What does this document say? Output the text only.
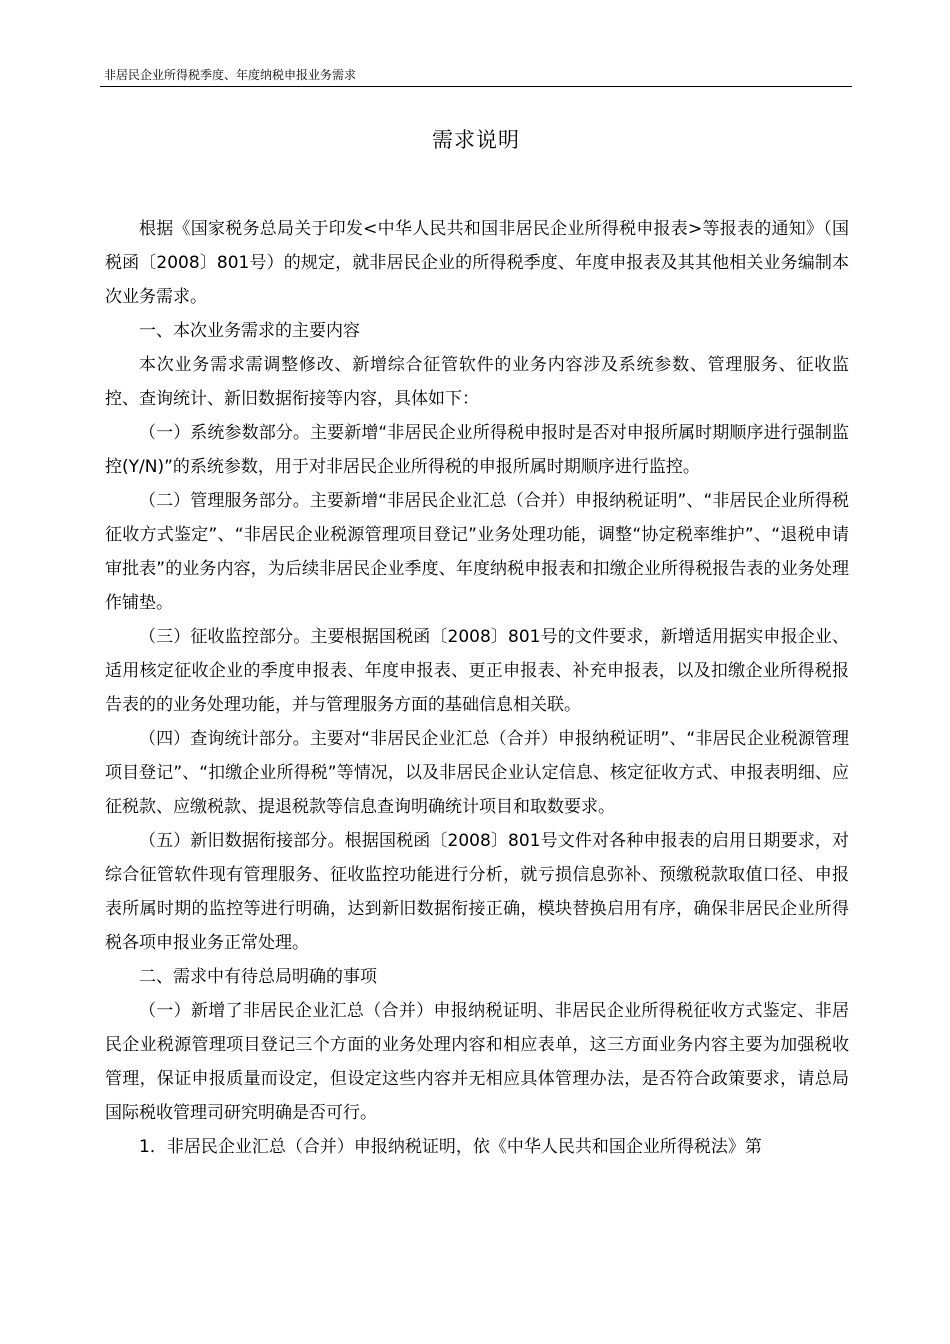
非居民企业所得税季度、年度纳税申报业务需求
需求说明

根据《国家税务总局关于印发<中华人民共和国非居民企业所得税申报表>等报表的通知》（国税函〔2008〕801号）的规定，就非居民企业的所得税季度、年度申报表及其其他相关业务编制本次业务需求。

一、本次业务需求的主要内容

本次业务需求需调整修改、新增综合征管软件的业务内容涉及系统参数、管理服务、征收监控、查询统计、新旧数据衔接等内容，具体如下：

（一）系统参数部分。主要新增“非居民企业所得税申报时是否对申报所属时期顺序进行强制监控(Y/N)”的系统参数，用于对非居民企业所得税的申报所属时期顺序进行监控。

（二）管理服务部分。主要新增“非居民企业汇总（合并）申报纳税证明”、“非居民企业所得税征收方式鉴定”、“非居民企业税源管理项目登记”业务处理功能，调整“协定税率维护”、“退税申请审批表”的业务内容，为后续非居民企业季度、年度纳税申报表和扣缴企业所得税报告表的业务处理作铺垫。

（三）征收监控部分。主要根据国税函〔2008〕801号的文件要求，新增适用据实申报企业、适用核定征收企业的季度申报表、年度申报表、更正申报表、补充申报表，以及扣缴企业所得税报告表的的业务处理功能，并与管理服务方面的基础信息相关联。

（四）查询统计部分。主要对“非居民企业汇总（合并）申报纳税证明”、“非居民企业税源管理项目登记”、“扣缴企业所得税”等情况，以及非居民企业认定信息、核定征收方式、申报表明细、应征税款、应缴税款、提退税款等信息查询明确统计项目和取数要求。

（五）新旧数据衔接部分。根据国税函〔2008〕801号文件对各种申报表的启用日期要求，对综合征管软件现有管理服务、征收监控功能进行分析，就亏损信息弥补、预缴税款取值口径、申报表所属时期的监控等进行明确，达到新旧数据衔接正确，模块替换启用有序，确保非居民企业所得税各项申报业务正常处理。

二、需求中有待总局明确的事项

（一）新增了非居民企业汇总（合并）申报纳税证明、非居民企业所得税征收方式鉴定、非居民企业税源管理项目登记三个方面的业务处理内容和相应表单，这三方面业务内容主要为加强税收管理，保证申报质量而设定，但设定这些内容并无相应具体管理办法，是否符合政策要求，请总局国际税收管理司研究明确是否可行。

1．非居民企业汇总（合并）申报纳税证明，依《中华人民共和国企业所得税法》第
